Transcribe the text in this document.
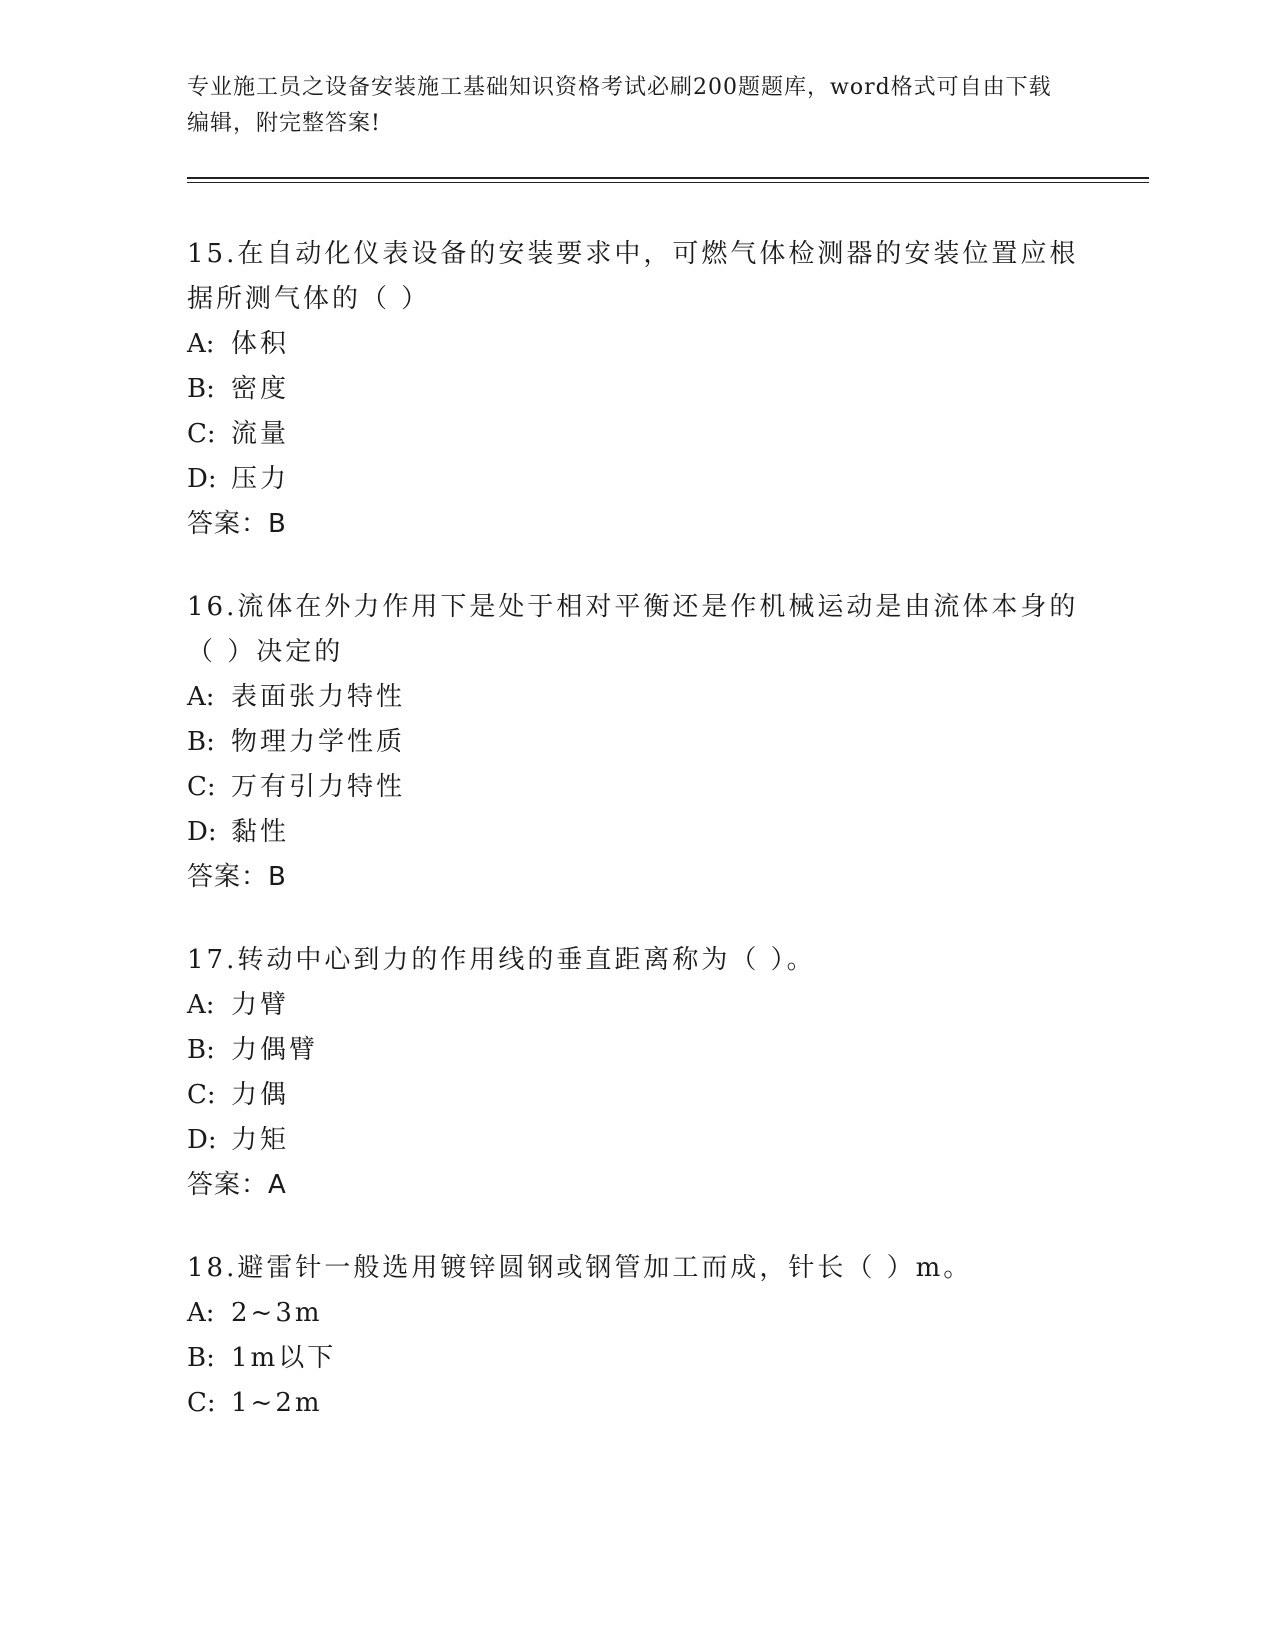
专业施工员之设备安装施工基础知识资格考试必刷200题题库，word格式可自由下载编辑，附完整答案!
15.在自动化仪表设备的安装要求中，可燃气体检测器的安装位置应根据所测气体的（ ）
A: 体积
B: 密度
C: 流量
D: 压力
答案：B
16.流体在外力作用下是处于相对平衡还是作机械运动是由流体本身的（ ）决定的
A: 表面张力特性
B: 物理力学性质
C: 万有引力特性
D: 黏性
答案：B
17.转动中心到力的作用线的垂直距离称为（ ）。
A: 力臂
B: 力偶臂
C: 力偶
D: 力矩
答案：A
18.避雷针一般选用镀锌圆钢或钢管加工而成，针长（ ）m。
A: 2~3m
B: 1m以下
C: 1~2m
